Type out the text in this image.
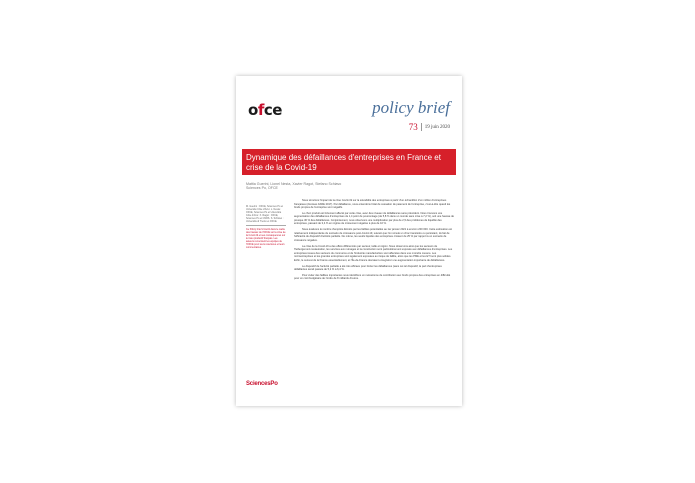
ofce	policy brief
73 19 juin 2020
Dynamique des défaillances d'entreprises en France et crise de la Covid-19
Mattia Guerini, Lionel Nesta, Xavier Ragot, Stefano Schiavo
Sciences Po, OFCE
M. Guerini : OFCE, Sciences Po et Université Côte d'Azur. L. Nesta : OFCE, Sciences Po et Université Côte d'Azur. X. Ragot : OFCE, Sciences Po et CNRS. S. Schiavo : Università di Trento et OFCE.
Ce Policy brief s'inscrit dans le cadre des travaux de l'OFCE sur la crise de la Covid-19 et ses conséquences sur le tissu productif français. Les auteurs remercient les équipes de l'OFCE pour leurs relectures et leurs commentaires.

Nous simulons l'impact de la crise Covid-19 sur la solvabilité des entreprises à partir d'un échantillon d'un million d'entreprises françaises (données FARE 2017). Par défaillance, nous entendons l'état de cessation de paiement de l'entreprise, c'est-à-dire quand les fonds propres de l'entreprise sont négatifs.

Le choc produit est fortement affecté par cette crise, avec des niveaux de défaillances sans précédent. Nous trouvons une augmentation des défaillances d'entreprises de 1,4 point de pourcentage (de 5,8 % dans un monde sans crise à 7,2 %), soit une hausse de presque 30 % des défaillances. Conjointement, nous observons une multiplication par plus de 2,5 des problèmes de liquidité des entreprises, passant de 3,4 % en régime de croisement négative à plus de 10 %.

Nous évaluons le nombre d'emplois détruits par les faillites potentielles au 1er janvier 2021 à environ 200 000. Cette estimation est relativement indépendante du scénario de croissance post-Covid-19, suivant que l'on simule un choc transitoire ou persistant, du fait de l'efficacité du dispositif d'activité partielle. De même, les seuils liquides des entreprises croisent de 25 % par rapport à un scénario de croissance négative.

La crise de la Covid-19 a des effets différenciés par secteur, taille et région. Nous observons ainsi que les secteurs de l'hébergement-restauration, les services aux ménages et la construction sont particulièrement exposés aux défaillances d'entreprises. Les entreprises issues des secteurs du commerce et de l'industrie manufacturière sont affectées dans une moindre mesure. Les microentreprises et les grandes entreprises sont également exposées au risque de faillite, alors que les PME et les ETI sont plus solides. Enfin, le sud-est de la France essentiellement, et l'Île-de-France devraient enregistrer une augmentation importante de défaillances.

Le dispositif de l'activité partielle a été très efficace pour limiter les défaillances (sans cet tel dispositif, la part d'entreprises défaillantes serait passée de 5,2 % à 6,4 %.

Pour éviter des faillites importantes nous identifions un mécanisme de contribution aux fonds propres des entreprises en difficulté pour un coût budgétaire de l'ordre de 8 milliards d'euros.

SciencesPo
